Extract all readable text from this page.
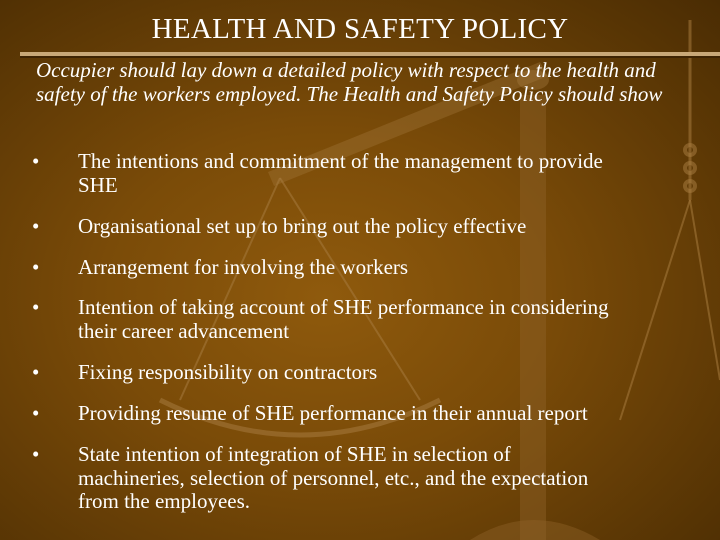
HEALTH AND SAFETY POLICY
Occupier should lay down a detailed policy with respect to the health and safety of the workers employed. The Health and Safety Policy should show
• The intentions and commitment of the management to provide SHE
• Organisational set up to bring out the policy effective
• Arrangement for involving the workers
• Intention of taking account of SHE performance in considering their career advancement
• Fixing responsibility on contractors
• Providing resume of SHE performance in their annual report
• State intention of integration of SHE in selection of machineries, selection of personnel, etc., and the expectation from the employees.
